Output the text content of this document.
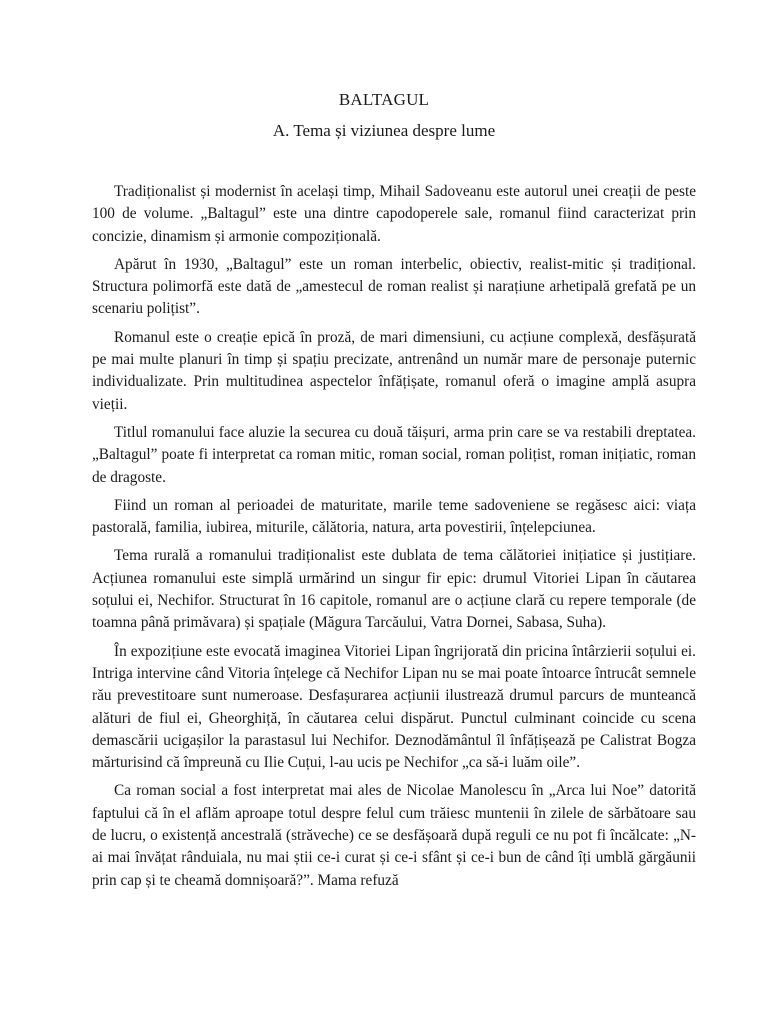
BALTAGUL
A. Tema și viziunea despre lume

Tradiționalist și modernist în același timp, Mihail Sadoveanu este autorul unei creații de peste 100 de volume. „Baltagul” este una dintre capodoperele sale, romanul fiind caracterizat prin concizie, dinamism și armonie compozițională.

Apărut în 1930, „Baltagul” este un roman interbelic, obiectiv, realist-mitic și tradițional. Structura polimorfă este dată de „amestecul de roman realist și narațiune arhetipală grefată pe un scenariu polițist”.

Romanul este o creație epică în proză, de mari dimensiuni, cu acțiune complexă, desfășurată pe mai multe planuri în timp și spațiu precizate, antrenând un număr mare de personaje puternic individualizate. Prin multitudinea aspectelor înfățișate, romanul oferă o imagine amplă asupra vieții.

Titlul romanului face aluzie la securea cu două tăișuri, arma prin care se va restabili dreptatea. „Baltagul” poate fi interpretat ca roman mitic, roman social, roman polițist, roman inițiatic, roman de dragoste.

Fiind un roman al perioadei de maturitate, marile teme sadoveniene se regăsesc aici: viața pastorală, familia, iubirea, miturile, călătoria, natura, arta povestirii, înțelepciunea.

Tema rurală a romanului tradiționalist este dublata de tema călătoriei inițiatice și justițiare. Acțiunea romanului este simplă urmărind un singur fir epic: drumul Vitoriei Lipan în căutarea soțului ei, Nechifor. Structurat în 16 capitole, romanul are o acțiune clară cu repere temporale (de toamna până primăvara) și spațiale (Măgura Tarcăului, Vatra Dornei, Sabasa, Suha).

În expozițiune este evocată imaginea Vitoriei Lipan îngrijorată din pricina întârzierii soțului ei. Intriga intervine când Vitoria înțelege că Nechifor Lipan nu se mai poate întoarce întrucât semnele rău prevestitoare sunt numeroase. Desfașurarea acțiunii ilustrează drumul parcurs de munteancă alături de fiul ei, Gheorghiță, în căutarea celui dispărut. Punctul culminant coincide cu scena demascării ucigașilor la parastasul lui Nechifor. Deznodământul îl înfățișează pe Calistrat Bogza mărturisind că împreună cu Ilie Cuțui, l-au ucis pe Nechifor „ca să-i luăm oile”.

Ca roman social a fost interpretat mai ales de Nicolae Manolescu în „Arca lui Noe” datorită faptului că în el aflăm aproape totul despre felul cum trăiesc muntenii în zilele de sărbătoare sau de lucru, o existență ancestrală (străveche) ce se desfășoară după reguli ce nu pot fi încălcate: „N-ai mai învățat rânduiala, nu mai știi ce-i curat și ce-i sfânt și ce-i bun de când îți umblă gărgăunii prin cap și te cheamă domnișoară?”. Mama refuză
